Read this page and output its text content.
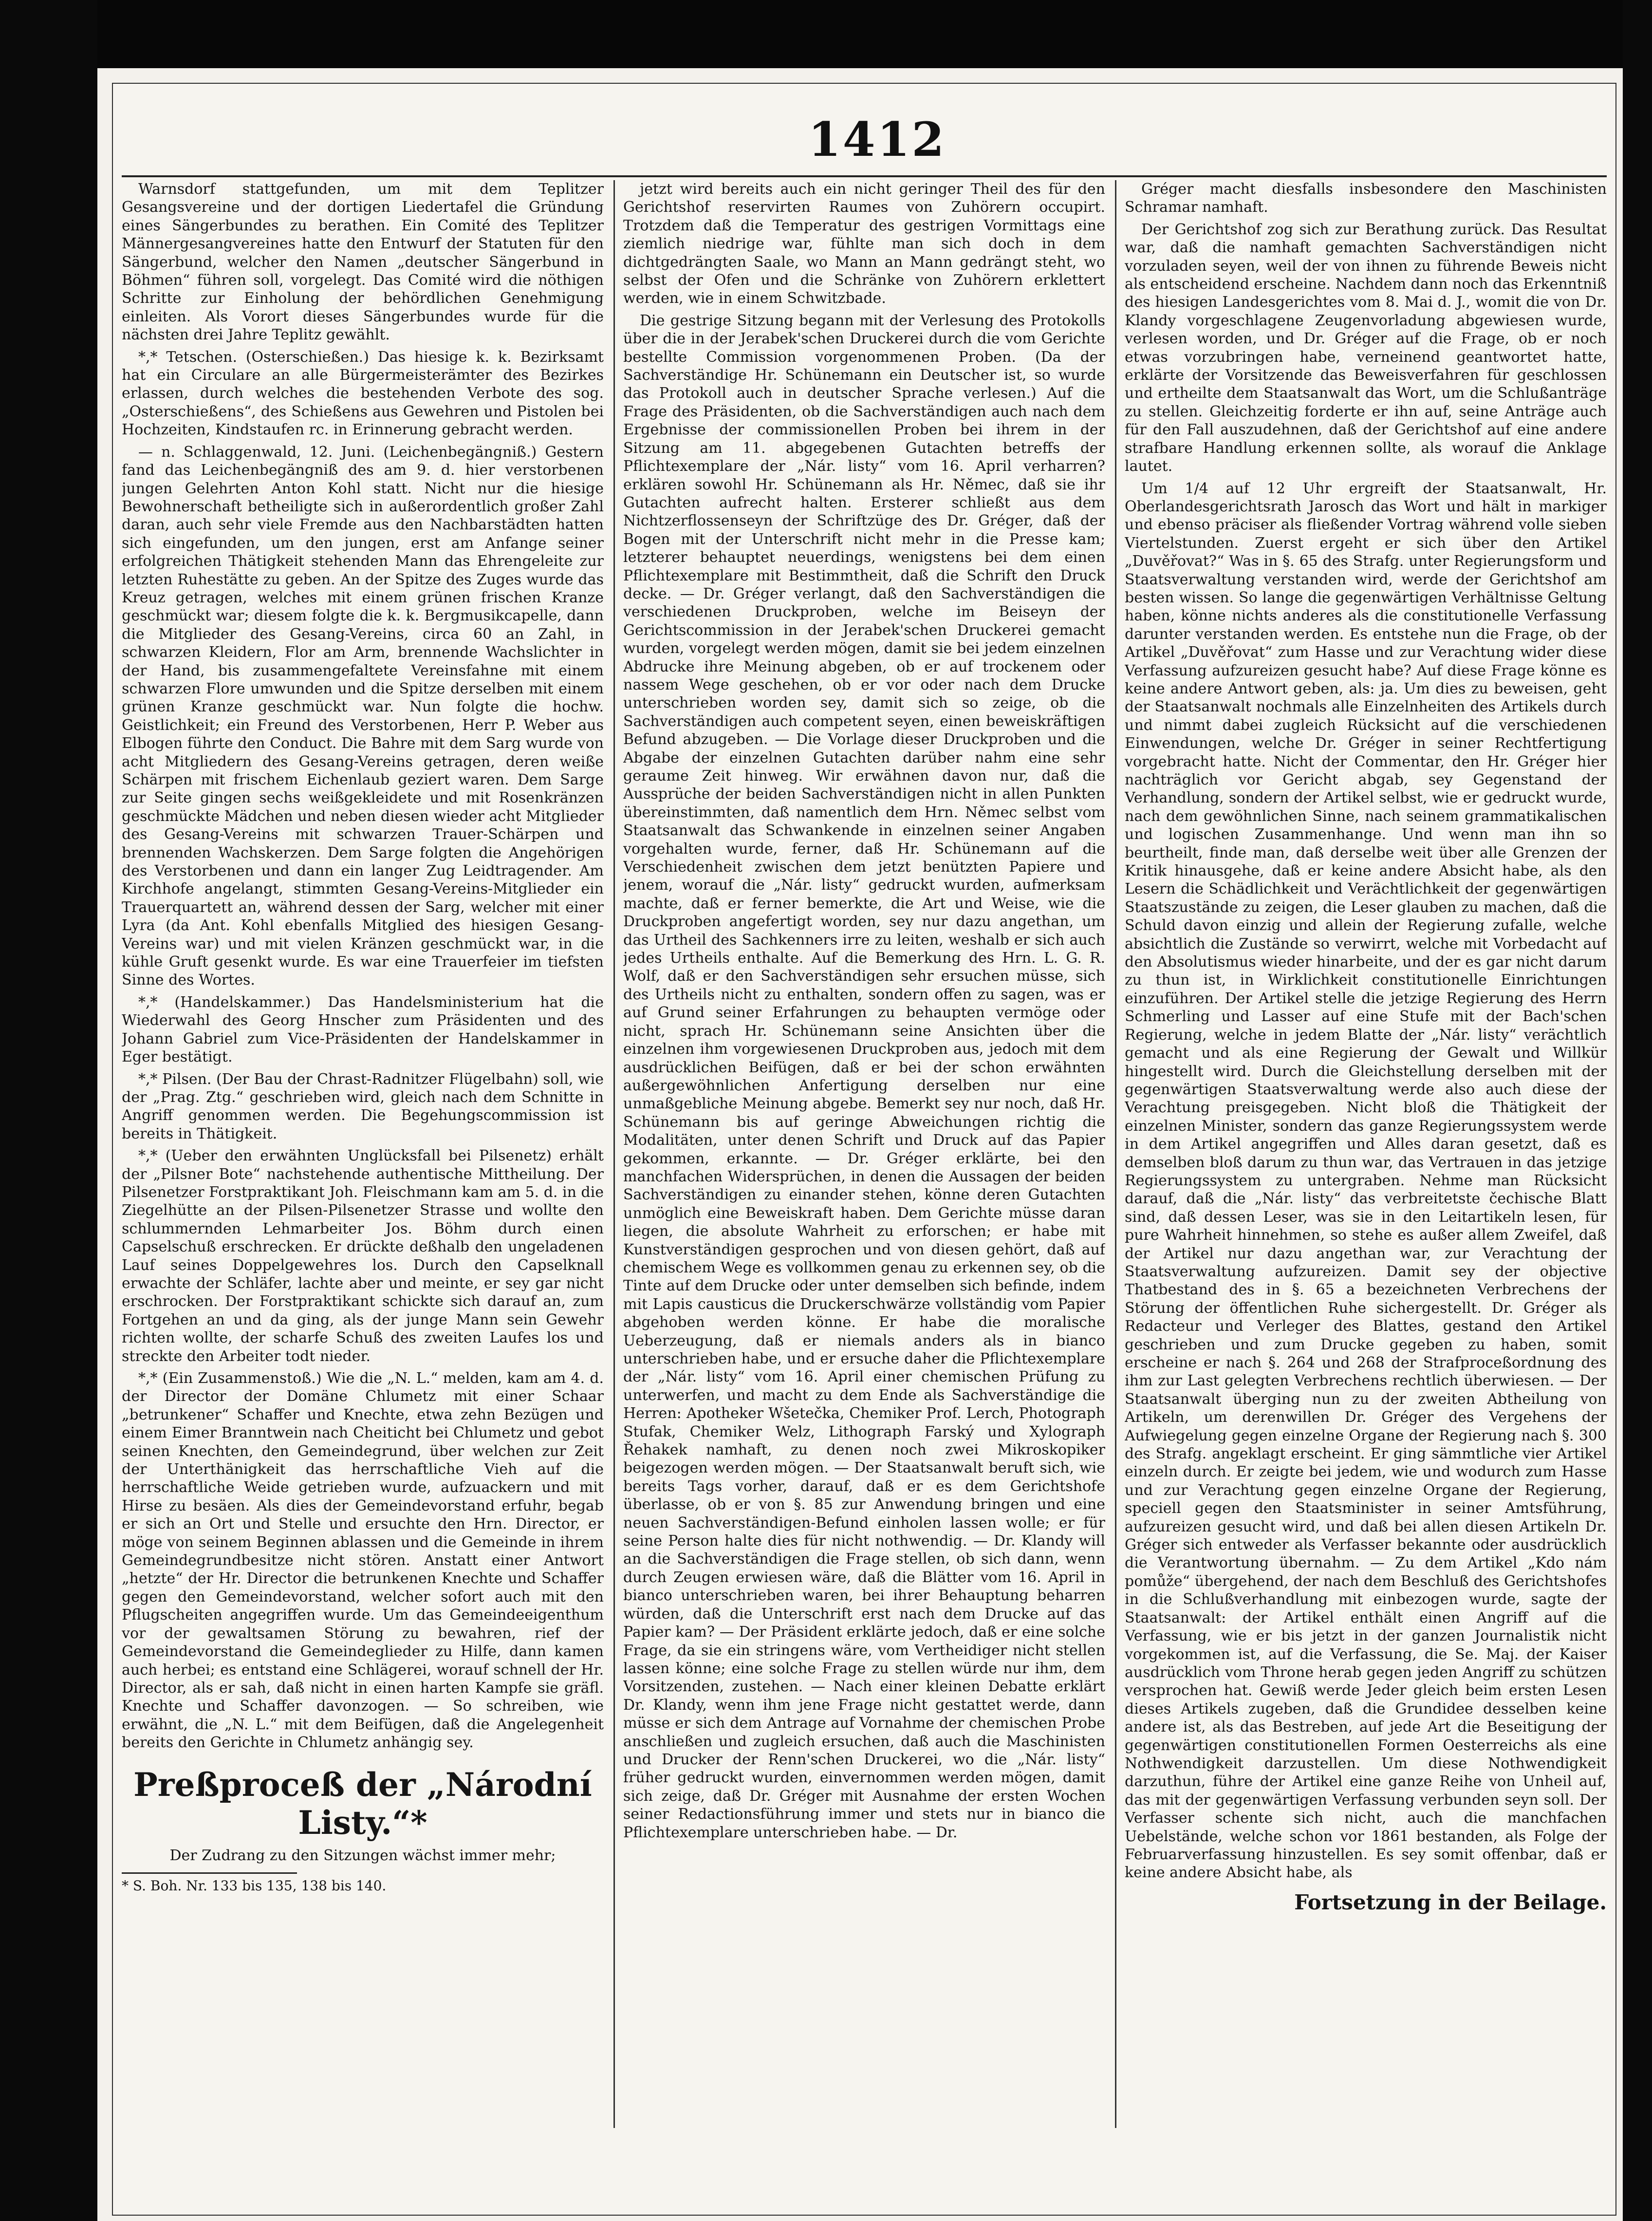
1412

Warnsdorf stattgefunden, um mit dem Teplitzer Gesangsvereine und der dortigen Liedertafel die Gründung eines Sängerbundes zu berathen. Ein Comité des Teplitzer Männergesangvereines hatte den Entwurf der Statuten für den Sängerbund, welcher den Namen „deutscher Sängerbund in Böhmen“ führen soll, vorgelegt. Das Comité wird die nöthigen Schritte zur Einholung der behördlichen Genehmigung einleiten. Als Vorort dieses Sängerbundes wurde für die nächsten drei Jahre Teplitz gewählt.

*,* Tetschen. (Osterschießen.) Das hiesige k. k. Bezirksamt hat ein Circulare an alle Bürgermeisterämter des Bezirkes erlassen, durch welches die bestehenden Verbote des sog. „Osterschießens“, des Schießens aus Gewehren und Pistolen bei Hochzeiten, Kindstaufen rc. in Erinnerung gebracht werden.

— n. Schlaggenwald, 12. Juni. (Leichenbegängniß.) Gestern fand das Leichenbegängniß des am 9. d. hier verstorbenen jungen Gelehrten Anton Kohl statt. Nicht nur die hiesige Bewohnerschaft betheiligte sich in außerordentlich großer Zahl daran, auch sehr viele Fremde aus den Nachbarstädten hatten sich eingefunden, um den jungen, erst am Anfange seiner erfolgreichen Thätigkeit stehenden Mann das Ehrengeleite zur letzten Ruhestätte zu geben. An der Spitze des Zuges wurde das Kreuz getragen, welches mit einem grünen frischen Kranze geschmückt war; diesem folgte die k. k. Bergmusikcapelle, dann die Mitglieder des Gesang-Vereins, circa 60 an Zahl, in schwarzen Kleidern, Flor am Arm, brennende Wachslichter in der Hand, bis zusammengefaltete Vereinsfahne mit einem schwarzen Flore umwunden und die Spitze derselben mit einem grünen Kranze geschmückt war. Nun folgte die hochw. Geistlichkeit; ein Freund des Verstorbenen, Herr P. Weber aus Elbogen führte den Conduct. Die Bahre mit dem Sarg wurde von acht Mitgliedern des Gesang-Vereins getragen, deren weiße Schärpen mit frischem Eichenlaub geziert waren. Dem Sarge zur Seite gingen sechs weißgekleidete und mit Rosenkränzen geschmückte Mädchen und neben diesen wieder acht Mitglieder des Gesang-Vereins mit schwarzen Trauer-Schärpen und brennenden Wachskerzen. Dem Sarge folgten die Angehörigen des Verstorbenen und dann ein langer Zug Leidtragender. Am Kirchhofe angelangt, stimmten Gesang-Vereins-Mitglieder ein Trauerquartett an, während dessen der Sarg, welcher mit einer Lyra (da Ant. Kohl ebenfalls Mitglied des hiesigen Gesang-Vereins war) und mit vielen Kränzen geschmückt war, in die kühle Gruft gesenkt wurde. Es war eine Trauerfeier im tiefsten Sinne des Wortes.

*,* (Handelskammer.) Das Handelsministerium hat die Wiederwahl des Georg Hnscher zum Präsidenten und des Johann Gabriel zum Vice-Präsidenten der Handelskammer in Eger bestätigt.

*,* Pilsen. (Der Bau der Chrast-Radnitzer Flügelbahn) soll, wie der „Prag. Ztg.“ geschrieben wird, gleich nach dem Schnitte in Angriff genommen werden. Die Begehungscommission ist bereits in Thätigkeit.

*,* (Ueber den erwähnten Unglücksfall bei Pilsenetz) erhält der „Pilsner Bote“ nachstehende authentische Mittheilung. Der Pilsenetzer Forstpraktikant Joh. Fleischmann kam am 5. d. in die Ziegelhütte an der Pilsen-Pilsenetzer Strasse und wollte den schlummernden Lehmarbeiter Jos. Böhm durch einen Capselschuß erschrecken. Er drückte deßhalb den ungeladenen Lauf seines Doppelgewehres los. Durch den Capselknall erwachte der Schläfer, lachte aber und meinte, er sey gar nicht erschrocken. Der Forstpraktikant schickte sich darauf an, zum Fortgehen an und da ging, als der junge Mann sein Gewehr richten wollte, der scharfe Schuß des zweiten Laufes los und streckte den Arbeiter todt nieder.

*,* (Ein Zusammenstoß.) Wie die „N. L.“ melden, kam am 4. d. der Director der Domäne Chlumetz mit einer Schaar „betrunkener“ Schaffer und Knechte, etwa zehn Bezügen und einem Eimer Branntwein nach Cheiticht bei Chlumetz und gebot seinen Knechten, den Gemeindegrund, über welchen zur Zeit der Unterthänigkeit das herrschaftliche Vieh auf die herrschaftliche Weide getrieben wurde, aufzuackern und mit Hirse zu besäen. Als dies der Gemeindevorstand erfuhr, begab er sich an Ort und Stelle und ersuchte den Hrn. Director, er möge von seinem Beginnen ablassen und die Gemeinde in ihrem Gemeindegrundbesitze nicht stören. Anstatt einer Antwort „hetzte“ der Hr. Director die betrunkenen Knechte und Schaffer gegen den Gemeindevorstand, welcher sofort auch mit den Pflugscheiten angegriffen wurde. Um das Gemeindeeigenthum vor der gewaltsamen Störung zu bewahren, rief der Gemeindevorstand die Gemeindeglieder zu Hilfe, dann kamen auch herbei; es entstand eine Schlägerei, worauf schnell der Hr. Director, als er sah, daß nicht in einen harten Kampfe sie gräfl. Knechte und Schaffer davonzogen. — So schreiben, wie erwähnt, die „N. L.“ mit dem Beifügen, daß die Angelegenheit bereits den Gerichte in Chlumetz anhängig sey.

Preßproceß der „Národní Listy.“*
Der Zudrang zu den Sitzungen wächst immer mehr;
* S. Boh. Nr. 133 bis 135, 138 bis 140.

jetzt wird bereits auch ein nicht geringer Theil des für den Gerichtshof reservirten Raumes von Zuhörern occupirt. Trotzdem daß die Temperatur des gestrigen Vormittags eine ziemlich niedrige war, fühlte man sich doch in dem dichtgedrängten Saale, wo Mann an Mann gedrängt steht, wo selbst der Ofen und die Schränke von Zuhörern erklettert werden, wie in einem Schwitzbade.

Die gestrige Sitzung begann mit der Verlesung des Protokolls über die in der Jerabek'schen Druckerei durch die vom Gerichte bestellte Commission vorgenommenen Proben. (Da der Sachverständige Hr. Schünemann ein Deutscher ist, so wurde das Protokoll auch in deutscher Sprache verlesen.) Auf die Frage des Präsidenten, ob die Sachverständigen auch nach dem Ergebnisse der commissionellen Proben bei ihrem in der Sitzung am 11. abgegebenen Gutachten betreffs der Pflichtexemplare der „Nár. listy“ vom 16. April verharren? erklären sowohl Hr. Schünemann als Hr. Němec, daß sie ihr Gutachten aufrecht halten. Ersterer schließt aus dem Nichtzerflossenseyn der Schriftzüge des Dr. Gréger, daß der Bogen mit der Unterschrift nicht mehr in die Presse kam; letzterer behauptet neuerdings, wenigstens bei dem einen Pflichtexemplare mit Bestimmtheit, daß die Schrift den Druck decke. — Dr. Gréger verlangt, daß den Sachverständigen die verschiedenen Druckproben, welche im Beiseyn der Gerichtscommission in der Jerabek'schen Druckerei gemacht wurden, vorgelegt werden mögen, damit sie bei jedem einzelnen Abdrucke ihre Meinung abgeben, ob er auf trockenem oder nassem Wege geschehen, ob er vor oder nach dem Drucke unterschrieben worden sey, damit sich so zeige, ob die Sachverständigen auch competent seyen, einen beweiskräftigen Befund abzugeben. — Die Vorlage dieser Druckproben und die Abgabe der einzelnen Gutachten darüber nahm eine sehr geraume Zeit hinweg. Wir erwähnen davon nur, daß die Aussprüche der beiden Sachverständigen nicht in allen Punkten übereinstimmten, daß namentlich dem Hrn. Němec selbst vom Staatsanwalt das Schwankende in einzelnen seiner Angaben vorgehalten wurde, ferner, daß Hr. Schünemann auf die Verschiedenheit zwischen dem jetzt benützten Papiere und jenem, worauf die „Nár. listy“ gedruckt wurden, aufmerksam machte, daß er ferner bemerkte, die Art und Weise, wie die Druckproben angefertigt worden, sey nur dazu angethan, um das Urtheil des Sachkenners irre zu leiten, weshalb er sich auch jedes Urtheils enthalte. Auf die Bemerkung des Hrn. L. G. R. Wolf, daß er den Sachverständigen sehr ersuchen müsse, sich des Urtheils nicht zu enthalten, sondern offen zu sagen, was er auf Grund seiner Erfahrungen zu behaupten vermöge oder nicht, sprach Hr. Schünemann seine Ansichten über die einzelnen ihm vorgewiesenen Druckproben aus, jedoch mit dem ausdrücklichen Beifügen, daß er bei der schon erwähnten außergewöhnlichen Anfertigung derselben nur eine unmaßgebliche Meinung abgebe. Bemerkt sey nur noch, daß Hr. Schünemann bis auf geringe Abweichungen richtig die Modalitäten, unter denen Schrift und Druck auf das Papier gekommen, erkannte. — Dr. Gréger erklärte, bei den manchfachen Widersprüchen, in denen die Aussagen der beiden Sachverständigen zu einander stehen, könne deren Gutachten unmöglich eine Beweiskraft haben. Dem Gerichte müsse daran liegen, die absolute Wahrheit zu erforschen; er habe mit Kunstverständigen gesprochen und von diesen gehört, daß auf chemischem Wege es vollkommen genau zu erkennen sey, ob die Tinte auf dem Drucke oder unter demselben sich befinde, indem mit Lapis causticus die Druckerschwärze vollständig vom Papier abgehoben werden könne. Er habe die moralische Ueberzeugung, daß er niemals anders als in bianco unterschrieben habe, und er ersuche daher die Pflichtexemplare der „Nár. listy“ vom 16. April einer chemischen Prüfung zu unterwerfen, und macht zu dem Ende als Sachverständige die Herren: Apotheker Wšetečka, Chemiker Prof. Lerch, Photograph Stufak, Chemiker Welz, Lithograph Farský und Xylograph Řehakek namhaft, zu denen noch zwei Mikroskopiker beigezogen werden mögen. — Der Staatsanwalt beruft sich, wie bereits Tags vorher, darauf, daß er es dem Gerichtshofe überlasse, ob er von §. 85 zur Anwendung bringen und eine neuen Sachverständigen-Befund einholen lassen wolle; er für seine Person halte dies für nicht nothwendig. — Dr. Klandy will an die Sachverständigen die Frage stellen, ob sich dann, wenn durch Zeugen erwiesen wäre, daß die Blätter vom 16. April in bianco unterschrieben waren, bei ihrer Behauptung beharren würden, daß die Unterschrift erst nach dem Drucke auf das Papier kam? — Der Präsident erklärte jedoch, daß er eine solche Frage, da sie ein stringens wäre, vom Vertheidiger nicht stellen lassen könne; eine solche Frage zu stellen würde nur ihm, dem Vorsitzenden, zustehen. — Nach einer kleinen Debatte erklärt Dr. Klandy, wenn ihm jene Frage nicht gestattet werde, dann müsse er sich dem Antrage auf Vornahme der chemischen Probe anschließen und zugleich ersuchen, daß auch die Maschinisten und Drucker der Renn'schen Druckerei, wo die „Nár. listy“ früher gedruckt wurden, einvernommen werden mögen, damit sich zeige, daß Dr. Gréger mit Ausnahme der ersten Wochen seiner Redactionsführung immer und stets nur in bianco die Pflichtexemplare unterschrieben habe. — Dr.

Gréger macht diesfalls insbesondere den Maschinisten Schramar namhaft.

Der Gerichtshof zog sich zur Berathung zurück. Das Resultat war, daß die namhaft gemachten Sachverständigen nicht vorzuladen seyen, weil der von ihnen zu führende Beweis nicht als entscheidend erscheine. Nachdem dann noch das Erkenntniß des hiesigen Landesgerichtes vom 8. Mai d. J., womit die von Dr. Klandy vorgeschlagene Zeugenvorladung abgewiesen wurde, verlesen worden, und Dr. Gréger auf die Frage, ob er noch etwas vorzubringen habe, verneinend geantwortet hatte, erklärte der Vorsitzende das Beweisverfahren für geschlossen und ertheilte dem Staatsanwalt das Wort, um die Schlußanträge zu stellen. Gleichzeitig forderte er ihn auf, seine Anträge auch für den Fall auszudehnen, daß der Gerichtshof auf eine andere strafbare Handlung erkennen sollte, als worauf die Anklage lautet.

Um 1/4 auf 12 Uhr ergreift der Staatsanwalt, Hr. Oberlandesgerichtsrath Jarosch das Wort und hält in markiger und ebenso präciser als fließender Vortrag während volle sieben Viertelstunden. Zuerst ergeht er sich über den Artikel „Duvěřovat?“ Was in §. 65 des Strafg. unter Regierungsform und Staatsverwaltung verstanden wird, werde der Gerichtshof am besten wissen. So lange die gegenwärtigen Verhältnisse Geltung haben, könne nichts anderes als die constitutionelle Verfassung darunter verstanden werden. Es entstehe nun die Frage, ob der Artikel „Duvěřovat“ zum Hasse und zur Verachtung wider diese Verfassung aufzureizen gesucht habe? Auf diese Frage könne es keine andere Antwort geben, als: ja. Um dies zu beweisen, geht der Staatsanwalt nochmals alle Einzelnheiten des Artikels durch und nimmt dabei zugleich Rücksicht auf die verschiedenen Einwendungen, welche Dr. Gréger in seiner Rechtfertigung vorgebracht hatte. Nicht der Commentar, den Hr. Gréger hier nachträglich vor Gericht abgab, sey Gegenstand der Verhandlung, sondern der Artikel selbst, wie er gedruckt wurde, nach dem gewöhnlichen Sinne, nach seinem grammatikalischen und logischen Zusammenhange. Und wenn man ihn so beurtheilt, finde man, daß derselbe weit über alle Grenzen der Kritik hinausgehe, daß er keine andere Absicht habe, als den Lesern die Schädlichkeit und Verächtlichkeit der gegenwärtigen Staatszustände zu zeigen, die Leser glauben zu machen, daß die Schuld davon einzig und allein der Regierung zufalle, welche absichtlich die Zustände so verwirrt, welche mit Vorbedacht auf den Absolutismus wieder hinarbeite, und der es gar nicht darum zu thun ist, in Wirklichkeit constitutionelle Einrichtungen einzuführen. Der Artikel stelle die jetzige Regierung des Herrn Schmerling und Lasser auf eine Stufe mit der Bach'schen Regierung, welche in jedem Blatte der „Nár. listy“ verächtlich gemacht und als eine Regierung der Gewalt und Willkür hingestellt wird. Durch die Gleichstellung derselben mit der gegenwärtigen Staatsverwaltung werde also auch diese der Verachtung preisgegeben. Nicht bloß die Thätigkeit der einzelnen Minister, sondern das ganze Regierungssystem werde in dem Artikel angegriffen und Alles daran gesetzt, daß es demselben bloß darum zu thun war, das Vertrauen in das jetzige Regierungssystem zu untergraben. Nehme man Rücksicht darauf, daß die „Nár. listy“ das verbreitetste čechische Blatt sind, daß dessen Leser, was sie in den Leitartikeln lesen, für pure Wahrheit hinnehmen, so stehe es außer allem Zweifel, daß der Artikel nur dazu angethan war, zur Verachtung der Staatsverwaltung aufzureizen. Damit sey der objective Thatbestand des in §. 65 a bezeichneten Verbrechens der Störung der öffentlichen Ruhe sichergestellt. Dr. Gréger als Redacteur und Verleger des Blattes, gestand den Artikel geschrieben und zum Drucke gegeben zu haben, somit erscheine er nach §. 264 und 268 der Strafproceßordnung des ihm zur Last gelegten Verbrechens rechtlich überwiesen. — Der Staatsanwalt überging nun zu der zweiten Abtheilung von Artikeln, um derenwillen Dr. Gréger des Vergehens der Aufwiegelung gegen einzelne Organe der Regierung nach §. 300 des Strafg. angeklagt erscheint. Er ging sämmtliche vier Artikel einzeln durch. Er zeigte bei jedem, wie und wodurch zum Hasse und zur Verachtung gegen einzelne Organe der Regierung, speciell gegen den Staatsminister in seiner Amtsführung, aufzureizen gesucht wird, und daß bei allen diesen Artikeln Dr. Gréger sich entweder als Verfasser bekannte oder ausdrücklich die Verantwortung übernahm. — Zu dem Artikel „Kdo nám pomůže“ übergehend, der nach dem Beschluß des Gerichtshofes in die Schlußverhandlung mit einbezogen wurde, sagte der Staatsanwalt: der Artikel enthält einen Angriff auf die Verfassung, wie er bis jetzt in der ganzen Journalistik nicht vorgekommen ist, auf die Verfassung, die Se. Maj. der Kaiser ausdrücklich vom Throne herab gegen jeden Angriff zu schützen versprochen hat. Gewiß werde Jeder gleich beim ersten Lesen dieses Artikels zugeben, daß die Grundidee desselben keine andere ist, als das Bestreben, auf jede Art die Beseitigung der gegenwärtigen constitutionellen Formen Oesterreichs als eine Nothwendigkeit darzustellen. Um diese Nothwendigkeit darzuthun, führe der Artikel eine ganze Reihe von Unheil auf, das mit der gegenwärtigen Verfassung verbunden seyn soll. Der Verfasser schente sich nicht, auch die manchfachen Uebelstände, welche schon vor 1861 bestanden, als Folge der Februarverfassung hinzustellen. Es sey somit offenbar, daß er keine andere Absicht habe, als

Fortsetzung in der Beilage.
